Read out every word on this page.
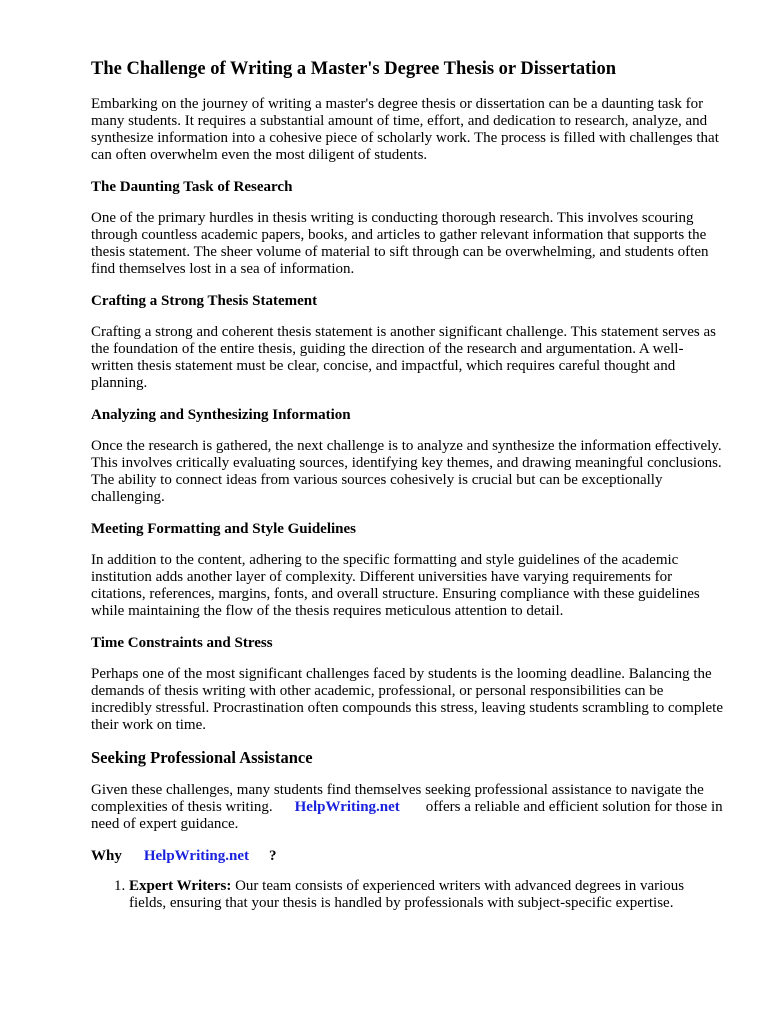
The Challenge of Writing a Master's Degree Thesis or Dissertation

Embarking on the journey of writing a master's degree thesis or dissertation can be a daunting task for many students. It requires a substantial amount of time, effort, and dedication to research, analyze, and synthesize information into a cohesive piece of scholarly work. The process is filled with challenges that can often overwhelm even the most diligent of students.

The Daunting Task of Research

One of the primary hurdles in thesis writing is conducting thorough research. This involves scouring through countless academic papers, books, and articles to gather relevant information that supports the thesis statement. The sheer volume of material to sift through can be overwhelming, and students often find themselves lost in a sea of information.

Crafting a Strong Thesis Statement

Crafting a strong and coherent thesis statement is another significant challenge. This statement serves as the foundation of the entire thesis, guiding the direction of the research and argumentation. A well-written thesis statement must be clear, concise, and impactful, which requires careful thought and planning.

Analyzing and Synthesizing Information

Once the research is gathered, the next challenge is to analyze and synthesize the information effectively. This involves critically evaluating sources, identifying key themes, and drawing meaningful conclusions. The ability to connect ideas from various sources cohesively is crucial but can be exceptionally challenging.

Meeting Formatting and Style Guidelines

In addition to the content, adhering to the specific formatting and style guidelines of the academic institution adds another layer of complexity. Different universities have varying requirements for citations, references, margins, fonts, and overall structure. Ensuring compliance with these guidelines while maintaining the flow of the thesis requires meticulous attention to detail.

Time Constraints and Stress

Perhaps one of the most significant challenges faced by students is the looming deadline. Balancing the demands of thesis writing with other academic, professional, or personal responsibilities can be incredibly stressful. Procrastination often compounds this stress, leaving students scrambling to complete their work on time.

Seeking Professional Assistance

Given these challenges, many students find themselves seeking professional assistance to navigate the complexities of thesis writing. HelpWriting.net offers a reliable and efficient solution for those in need of expert guidance.

Why HelpWriting.net ?
1. Expert Writers: Our team consists of experienced writers with advanced degrees in various fields, ensuring that your thesis is handled by professionals with subject-specific expertise.
